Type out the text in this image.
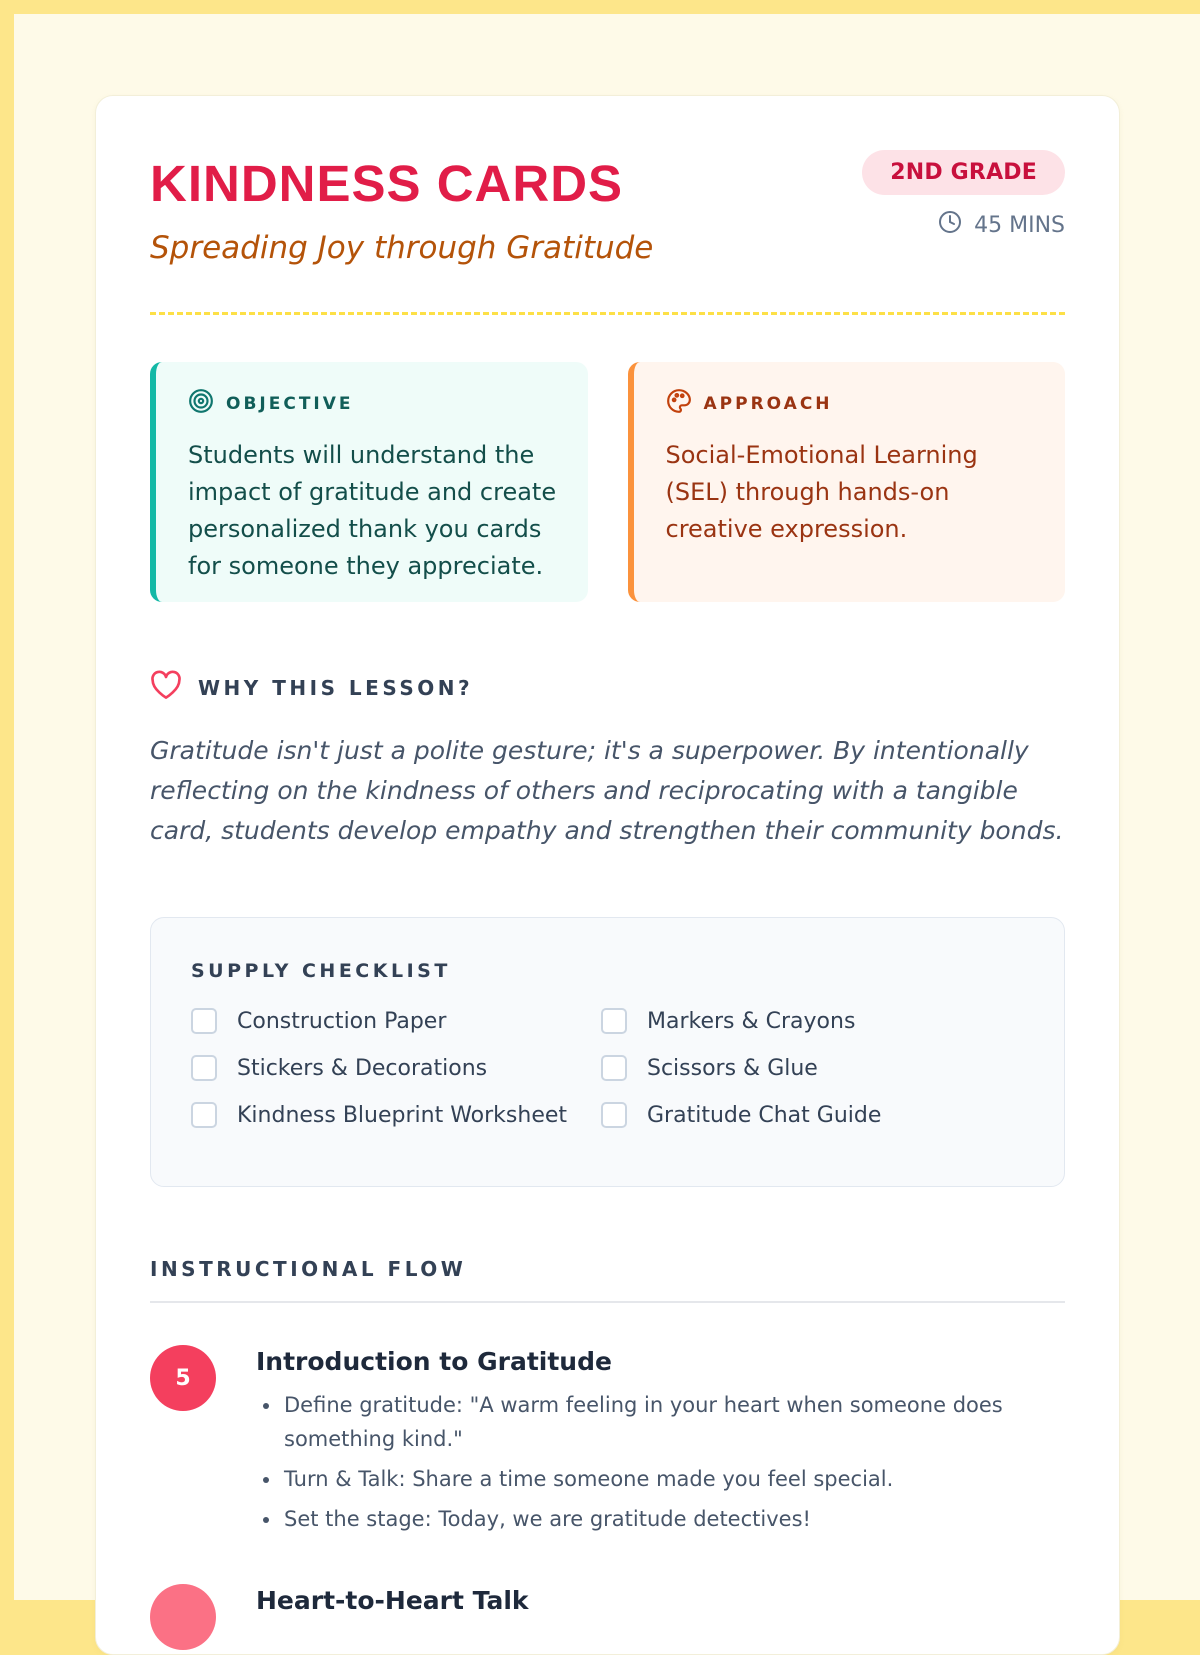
KINDNESS CARDS
Spreading Joy through Gratitude
2ND GRADE
45 MINS
OBJECTIVE

Students will understand the impact of gratitude and create personalized thank you cards for someone they appreciate.

APPROACH

Social-Emotional Learning (SEL) through hands-on creative expression.

WHY THIS LESSON?

Gratitude isn't just a polite gesture; it's a superpower. By intentionally reflecting on the kindness of others and reciprocating with a tangible card, students develop empathy and strengthen their community bonds.

SUPPLY CHECKLIST
Construction Paper	Markers & Crayons
Stickers & Decorations	Scissors & Glue
Kindness Blueprint Worksheet	Gratitude Chat Guide
INSTRUCTIONAL FLOW
5
Introduction to Gratitude
• Define gratitude: "A warm feeling in your heart when someone does something kind."
• Turn & Talk: Share a time someone made you feel special.
• Set the stage: Today, we are gratitude detectives!
Heart-to-Heart Talk
